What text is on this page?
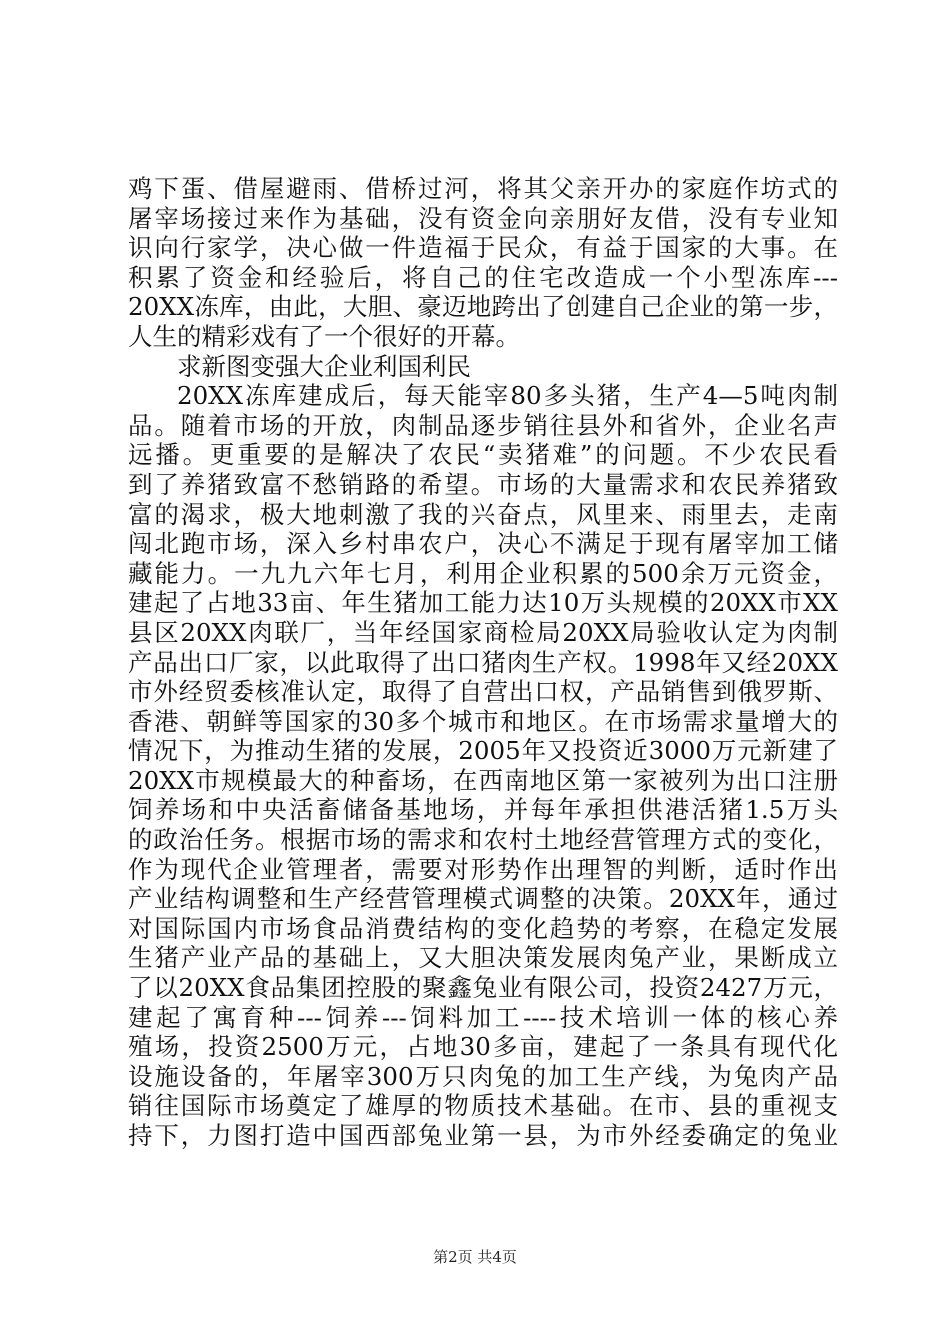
鸡下蛋、借屋避雨、借桥过河，将其父亲开办的家庭作坊式的
屠宰场接过来作为基础，没有资金向亲朋好友借，没有专业知
识向行家学，决心做一件造福于民众，有益于国家的大事。在
积累了资金和经验后，将自己的住宅改造成一个小型冻库---
20XX冻库，由此，大胆、豪迈地跨出了创建自己企业的第一步，
人生的精彩戏有了一个很好的开幕。
求新图变强大企业利国利民
20XX冻库建成后，每天能宰80多头猪，生产4—5吨肉制
品。随着市场的开放，肉制品逐步销往县外和省外，企业名声
远播。更重要的是解决了农民“卖猪难”的问题。不少农民看
到了养猪致富不愁销路的希望。市场的大量需求和农民养猪致
富的渴求，极大地刺激了我的兴奋点，风里来、雨里去，走南
闯北跑市场，深入乡村串农户，决心不满足于现有屠宰加工储
藏能力。一九九六年七月，利用企业积累的500余万元资金，
建起了占地33亩、年生猪加工能力达10万头规模的20XX市XX
县区20XX肉联厂，当年经国家商检局20XX局验收认定为肉制
产品出口厂家，以此取得了出口猪肉生产权。1998年又经20XX
市外经贸委核准认定，取得了自营出口权，产品销售到俄罗斯、
香港、朝鲜等国家的30多个城市和地区。在市场需求量增大的
情况下，为推动生猪的发展，2005年又投资近3000万元新建了
20XX市规模最大的种畜场，在西南地区第一家被列为出口注册
饲养场和中央活畜储备基地场，并每年承担供港活猪1.5万头
的政治任务。根据市场的需求和农村土地经营管理方式的变化，
作为现代企业管理者，需要对形势作出理智的判断，适时作出
产业结构调整和生产经营管理模式调整的决策。20XX年，通过
对国际国内市场食品消费结构的变化趋势的考察，在稳定发展
生猪产业产品的基础上，又大胆决策发展肉兔产业，果断成立
了以20XX食品集团控股的聚鑫兔业有限公司，投资2427万元，
建起了寓育种---饲养---饲料加工----技术培训一体的核心养
殖场，投资2500万元，占地30多亩，建起了一条具有现代化
设施设备的，年屠宰300万只肉兔的加工生产线，为兔肉产品
销往国际市场奠定了雄厚的物质技术基础。在市、县的重视支
持下，力图打造中国西部兔业第一县，为市外经委确定的兔业
第2页 共4页
